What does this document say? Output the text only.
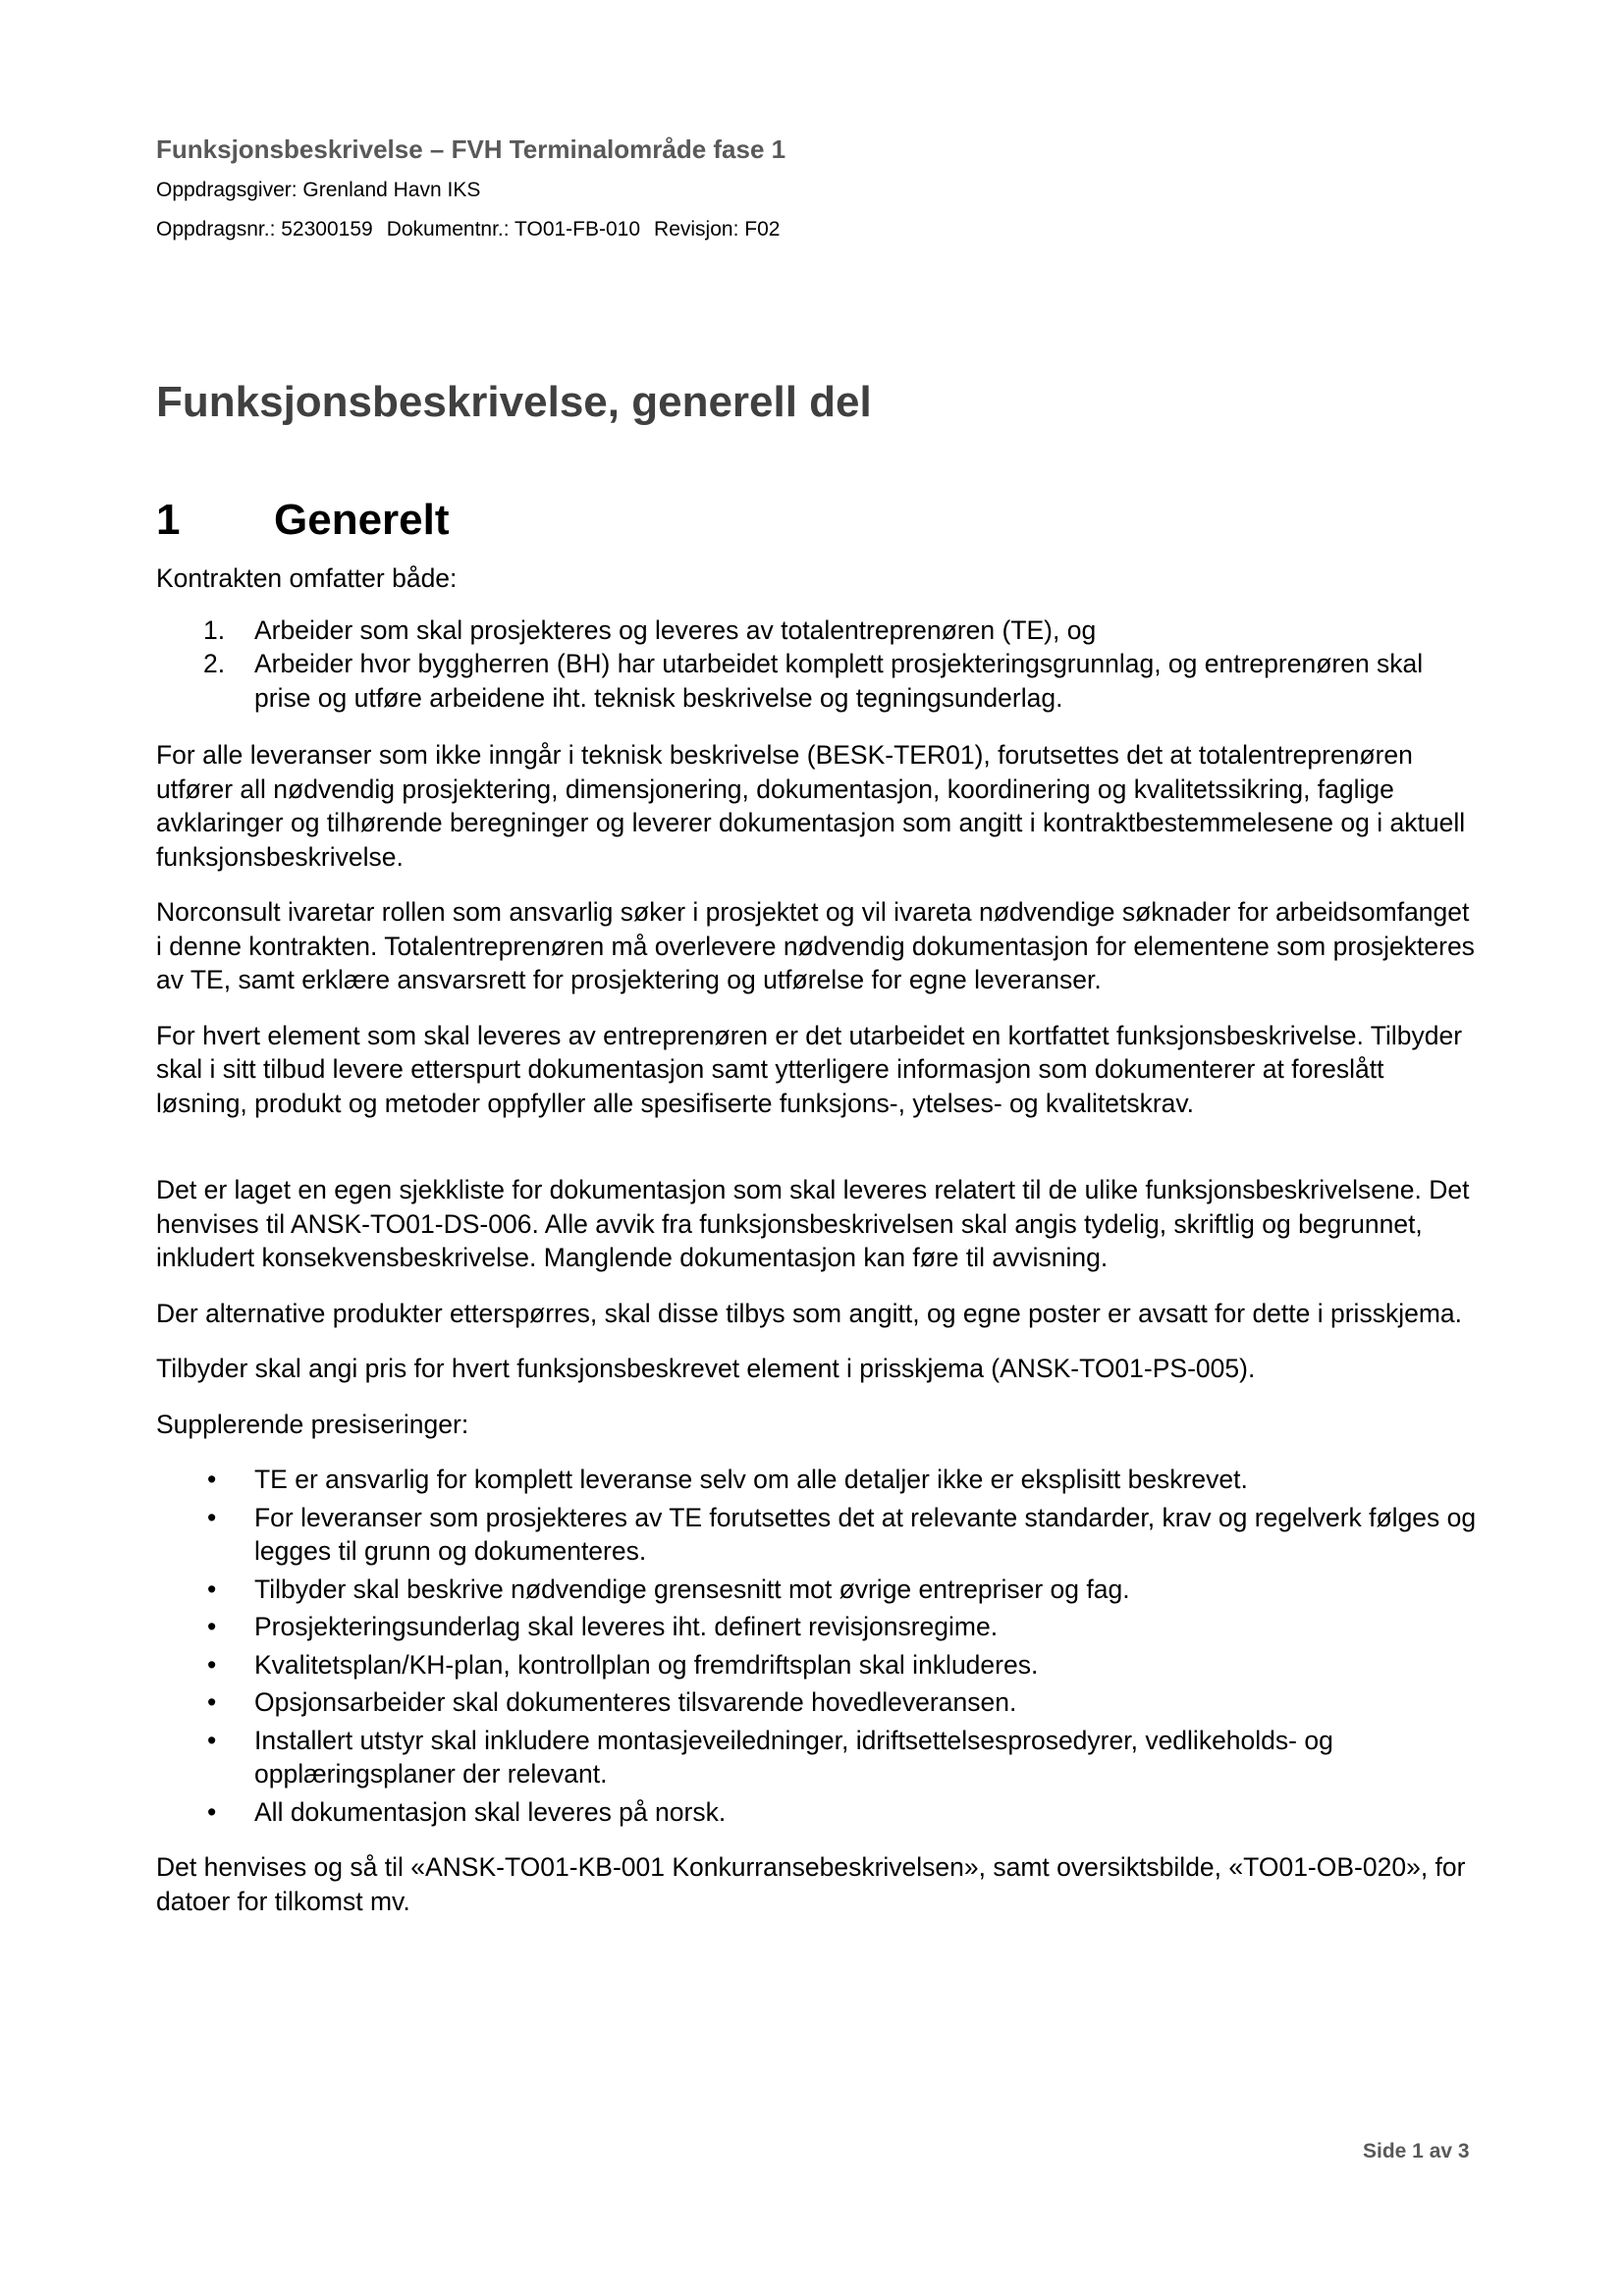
Funksjonsbeskrivelse – FVH Terminalområde fase 1

Oppdragsgiver: Grenland Havn IKS

Oppdragsnr.: 52300159 Dokumentnr.: TO01-FB-010 Revisjon: F02

Funksjonsbeskrivelse, generell del
1 Generelt

Kontrakten omfatter både:

1. Arbeider som skal prosjekteres og leveres av totalentreprenøren (TE), og
2. Arbeider hvor byggherren (BH) har utarbeidet komplett prosjekteringsgrunnlag, og entreprenøren skal prise og utføre arbeidene iht. teknisk beskrivelse og tegningsunderlag.

For alle leveranser som ikke inngår i teknisk beskrivelse (BESK-TER01), forutsettes det at totalentreprenøren utfører all nødvendig prosjektering, dimensjonering, dokumentasjon, koordinering og kvalitetssikring, faglige avklaringer og tilhørende beregninger og leverer dokumentasjon som angitt i kontraktbestemmelesene og i aktuell funksjonsbeskrivelse.

Norconsult ivaretar rollen som ansvarlig søker i prosjektet og vil ivareta nødvendige søknader for arbeidsomfanget i denne kontrakten. Totalentreprenøren må overlevere nødvendig dokumentasjon for elementene som prosjekteres av TE, samt erklære ansvarsrett for prosjektering og utførelse for egne leveranser.

For hvert element som skal leveres av entreprenøren er det utarbeidet en kortfattet funksjonsbeskrivelse. Tilbyder skal i sitt tilbud levere etterspurt dokumentasjon samt ytterligere informasjon som dokumenterer at foreslått løsning, produkt og metoder oppfyller alle spesifiserte funksjons-, ytelses- og kvalitetskrav.

Det er laget en egen sjekkliste for dokumentasjon som skal leveres relatert til de ulike funksjonsbeskrivelsene. Det henvises til ANSK-TO01-DS-006. Alle avvik fra funksjonsbeskrivelsen skal angis tydelig, skriftlig og begrunnet, inkludert konsekvensbeskrivelse. Manglende dokumentasjon kan føre til avvisning.

Der alternative produkter etterspørres, skal disse tilbys som angitt, og egne poster er avsatt for dette i prisskjema.

Tilbyder skal angi pris for hvert funksjonsbeskrevet element i prisskjema (ANSK-TO01-PS-005).

Supplerende presiseringer:

• TE er ansvarlig for komplett leveranse selv om alle detaljer ikke er eksplisitt beskrevet.
• For leveranser som prosjekteres av TE forutsettes det at relevante standarder, krav og regelverk følges og legges til grunn og dokumenteres.
• Tilbyder skal beskrive nødvendige grensesnitt mot øvrige entrepriser og fag.
• Prosjekteringsunderlag skal leveres iht. definert revisjonsregime.
• Kvalitetsplan/KH-plan, kontrollplan og fremdriftsplan skal inkluderes.
• Opsjonsarbeider skal dokumenteres tilsvarende hovedleveransen.
• Installert utstyr skal inkludere montasjeveiledninger, idriftsettelsesprosedyrer, vedlikeholds- og opplæringsplaner der relevant.
• All dokumentasjon skal leveres på norsk.

Det henvises og så til «ANSK-TO01-KB-001 Konkurransebeskrivelsen», samt oversiktsbilde, «TO01-OB-020», for datoer for tilkomst mv.

Side 1 av 3
